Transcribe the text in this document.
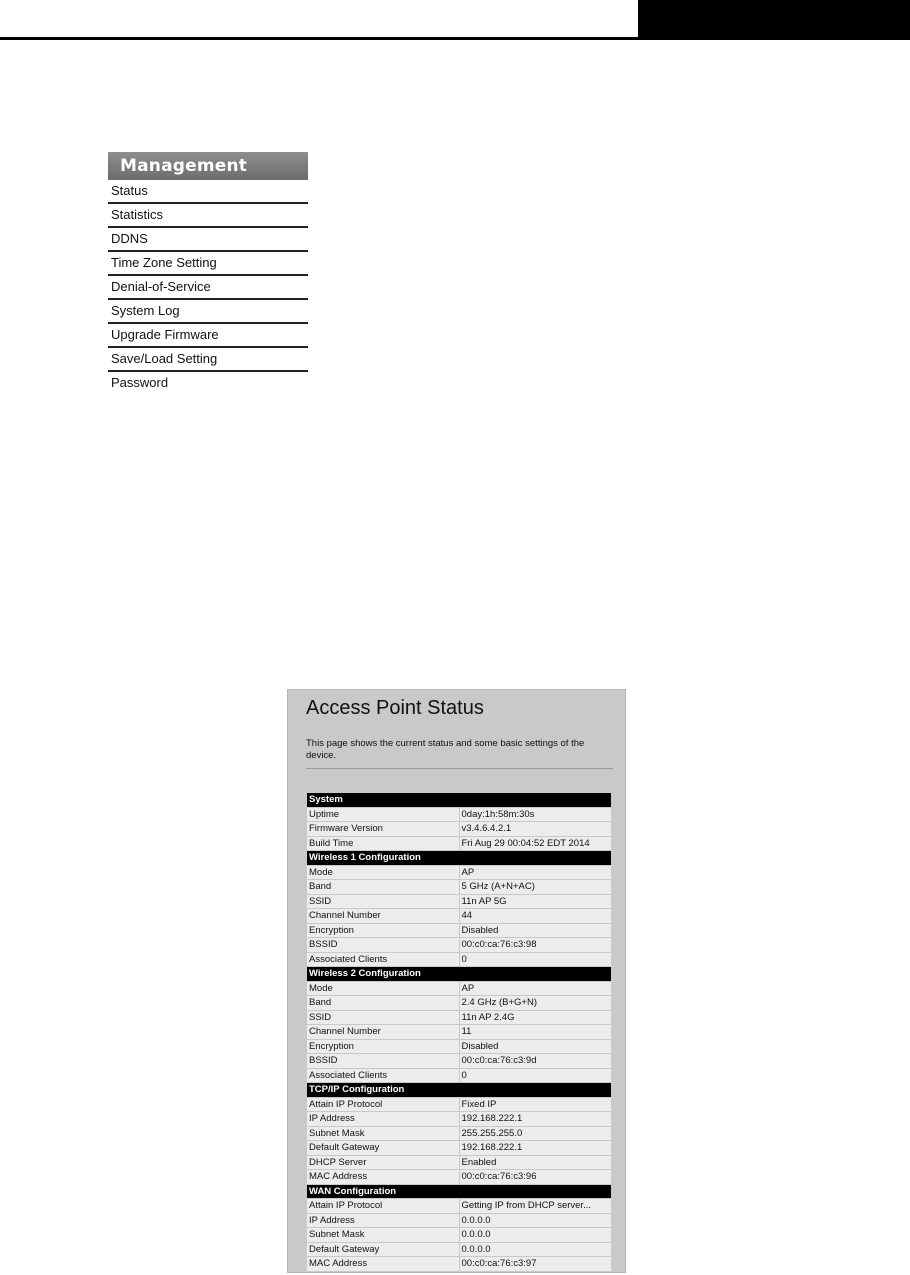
Management
Status
Statistics
DDNS
Time Zone Setting
Denial-of-Service
System Log
Upgrade Firmware
Save/Load Setting
Password
Access Point Status
This page shows the current status and some basic settings of the device.
System	
Uptime	0day:1h:58m:30s
Firmware Version	v3.4.6.4.2.1
Build Time	Fri Aug 29 00:04:52 EDT 2014
Wireless 1 Configuration	
Mode	AP
Band	5 GHz (A+N+AC)
SSID	11n AP 5G
Channel Number	44
Encryption	Disabled
BSSID	00:c0:ca:76:c3:98
Associated Clients	0
Wireless 2 Configuration	
Mode	AP
Band	2.4 GHz (B+G+N)
SSID	11n AP 2.4G
Channel Number	11
Encryption	Disabled
BSSID	00:c0:ca:76:c3:9d
Associated Clients	0
TCP/IP Configuration	
Attain IP Protocol	Fixed IP
IP Address	192.168.222.1
Subnet Mask	255.255.255.0
Default Gateway	192.168.222.1
DHCP Server	Enabled
MAC Address	00:c0:ca:76:c3:96
WAN Configuration	
Attain IP Protocol	Getting IP from DHCP server...
IP Address	0.0.0.0
Subnet Mask	0.0.0.0
Default Gateway	0.0.0.0
MAC Address	00:c0:ca:76:c3:97
